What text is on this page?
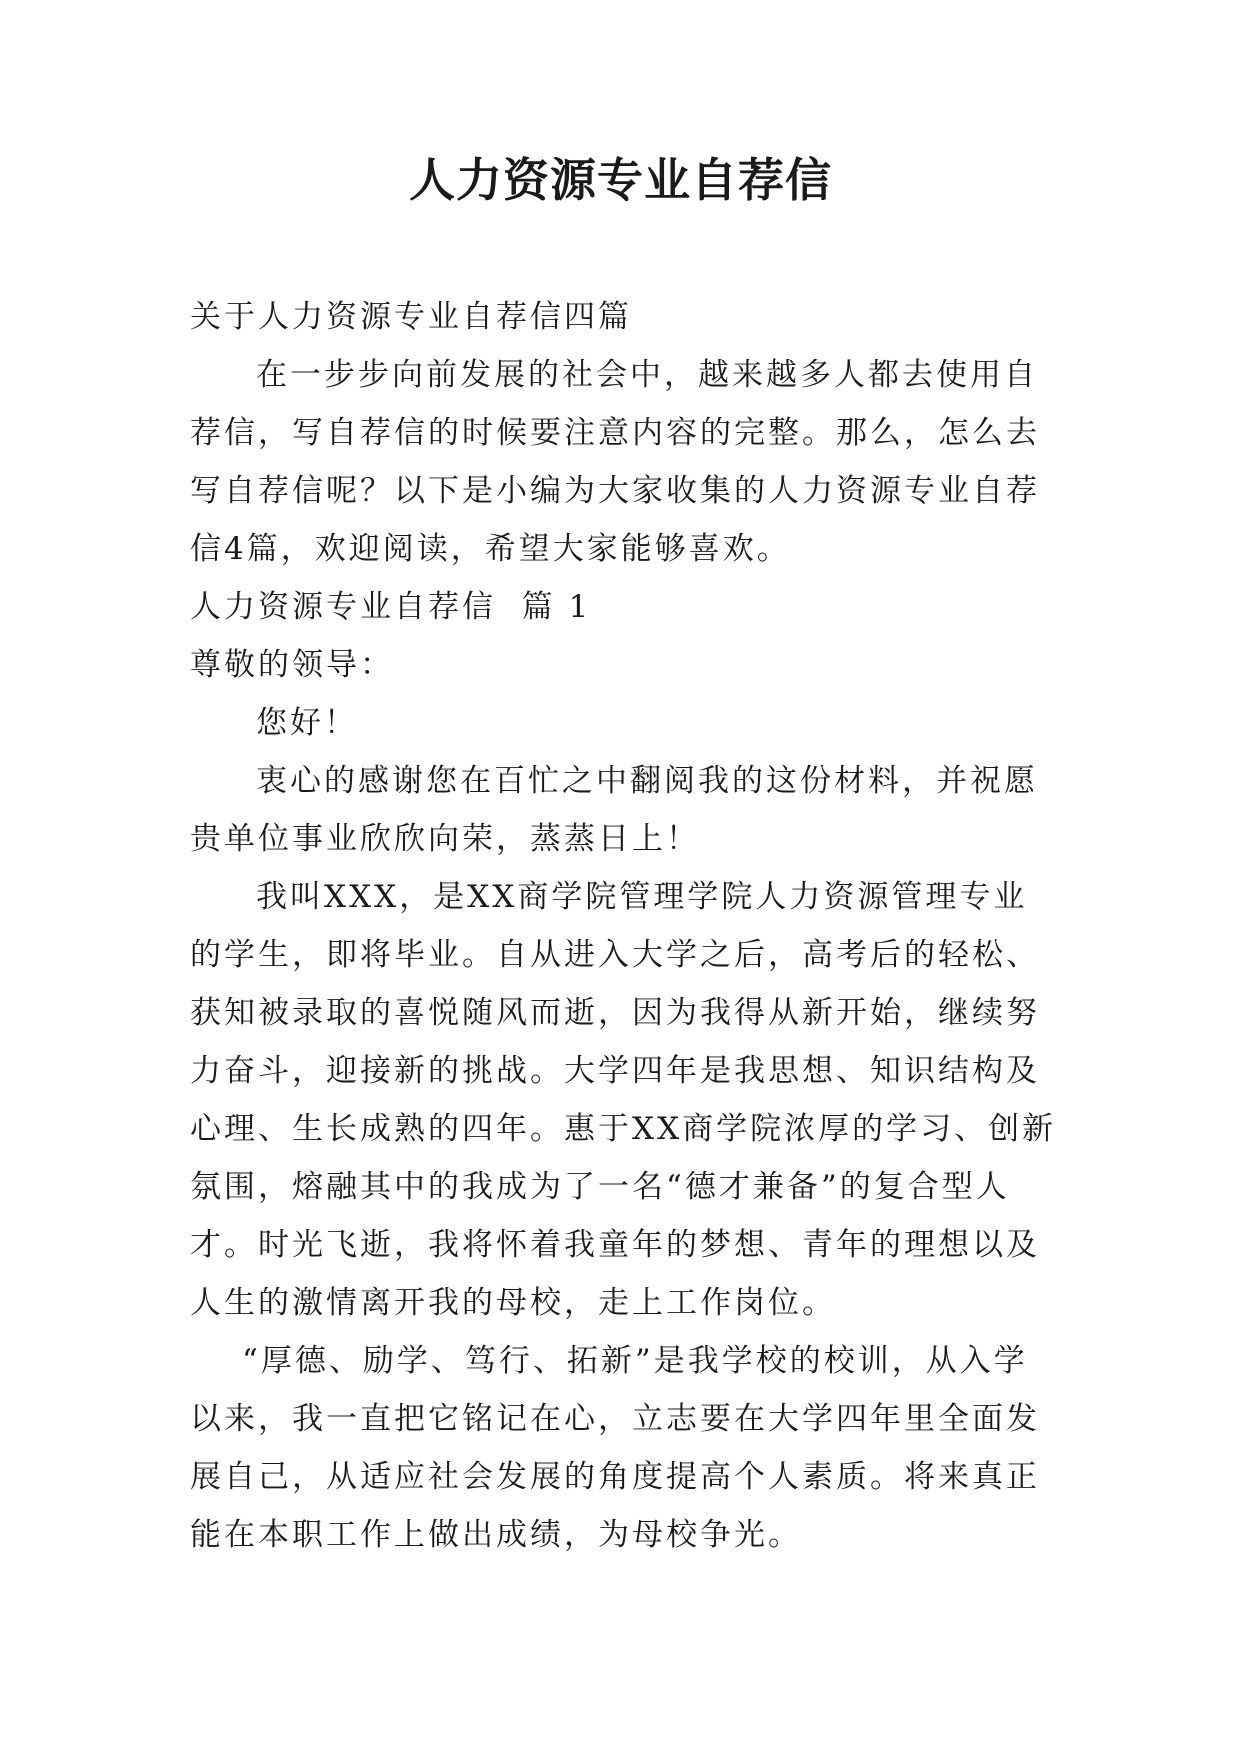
人力资源专业自荐信

关于人力资源专业自荐信四篇

在一步步向前发展的社会中，越来越多人都去使用自荐信，写自荐信的时候要注意内容的完整。那么，怎么去写自荐信呢？以下是小编为大家收集的人力资源专业自荐信4篇，欢迎阅读，希望大家能够喜欢。

人力资源专业自荐信  篇 1

尊敬的领导：

您好！

衷心的感谢您在百忙之中翻阅我的这份材料，并祝愿贵单位事业欣欣向荣，蒸蒸日上！

我叫XXX，是XX商学院管理学院人力资源管理专业的学生，即将毕业。自从进入大学之后，高考后的轻松、获知被录取的喜悦随风而逝，因为我得从新开始，继续努力奋斗，迎接新的挑战。大学四年是我思想、知识结构及心理、生长成熟的四年。惠于XX商学院浓厚的学习、创新氛围，熔融其中的我成为了一名“德才兼备”的复合型人才。时光飞逝，我将怀着我童年的梦想、青年的理想以及人生的激情离开我的母校，走上工作岗位。

“厚德、励学、笃行、拓新”是我学校的校训，从入学以来，我一直把它铭记在心，立志要在大学四年里全面发展自己，从适应社会发展的角度提高个人素质。将来真正能在本职工作上做出成绩，为母校争光。
